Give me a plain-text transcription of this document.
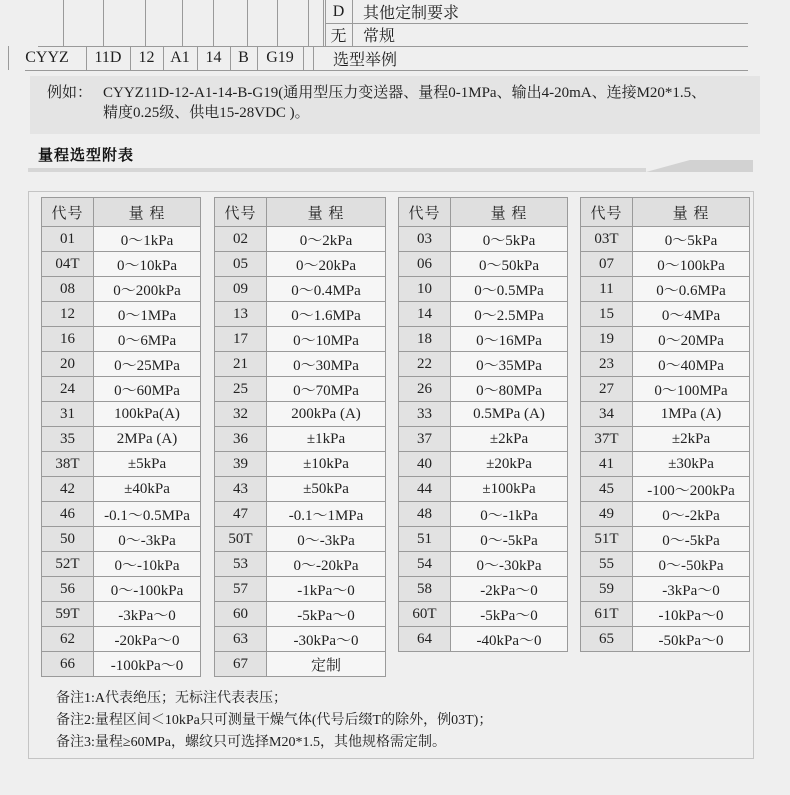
D	其他定制要求
无	常规
CYYZ	11D	12 A1 14	B	G19	选型举例
例如： CYYZ11D-12-A1-14-B-G19(通用型压力变送器、量程0-1MPa、输出4-20mA、连接M20*1.5、
精度0.25级、供电15-28VDC )。
量程选型附表
代号	量 程
01	0～1kPa
04T	0～10kPa
08	0～200kPa
12	0～1MPa
16	0～6MPa
20	0～25MPa
24	0～60MPa
31	100kPa(A)
35	2MPa (A)
38T	±5kPa
42	±40kPa
46	-0.1～0.5MPa
50	0～-3kPa
52T	0～-10kPa
56	0～-100kPa
59T	-3kPa～0
62	-20kPa～0
66	-100kPa～0
代号	量 程
02	0～2kPa
05	0～20kPa
09	0～0.4MPa
13	0～1.6MPa
17	0～10MPa
21	0～30MPa
25	0～70MPa
32	200kPa (A)
36	±1kPa
39	±10kPa
43	±50kPa
47	-0.1～1MPa
50T	0～-3kPa
53	0～-20kPa
57	-1kPa～0
60	-5kPa～0
63	-30kPa～0
67	定制
代号	量 程
03	0～5kPa
06	0～50kPa
10	0～0.5MPa
14	0～2.5MPa
18	0～16MPa
22	0～35MPa
26	0～80MPa
33	0.5MPa (A)
37	±2kPa
40	±20kPa
44	±100kPa
48	0～-1kPa
51	0～-5kPa
54	0～-30kPa
58	-2kPa～0
60T	-5kPa～0
64	-40kPa～0
代号	量 程
03T	0～5kPa
07	0～100kPa
11	0～0.6MPa
15	0～4MPa
19	0～20MPa
23	0～40MPa
27	0～100MPa
34	1MPa (A)
37T	±2kPa
41	±30kPa
45	-100～200kPa
49	0～-2kPa
51T	0～-5kPa
55	0～-50kPa
59	-3kPa～0
61T	-10kPa～0
65	-50kPa～0
备注1:A代表绝压；无标注代表表压；
备注2:量程区间＜10kPa只可测量干燥气体(代号后缀T的除外，例03T)；
备注3:量程≥60MPa，螺纹只可选择M20*1.5，其他规格需定制。
